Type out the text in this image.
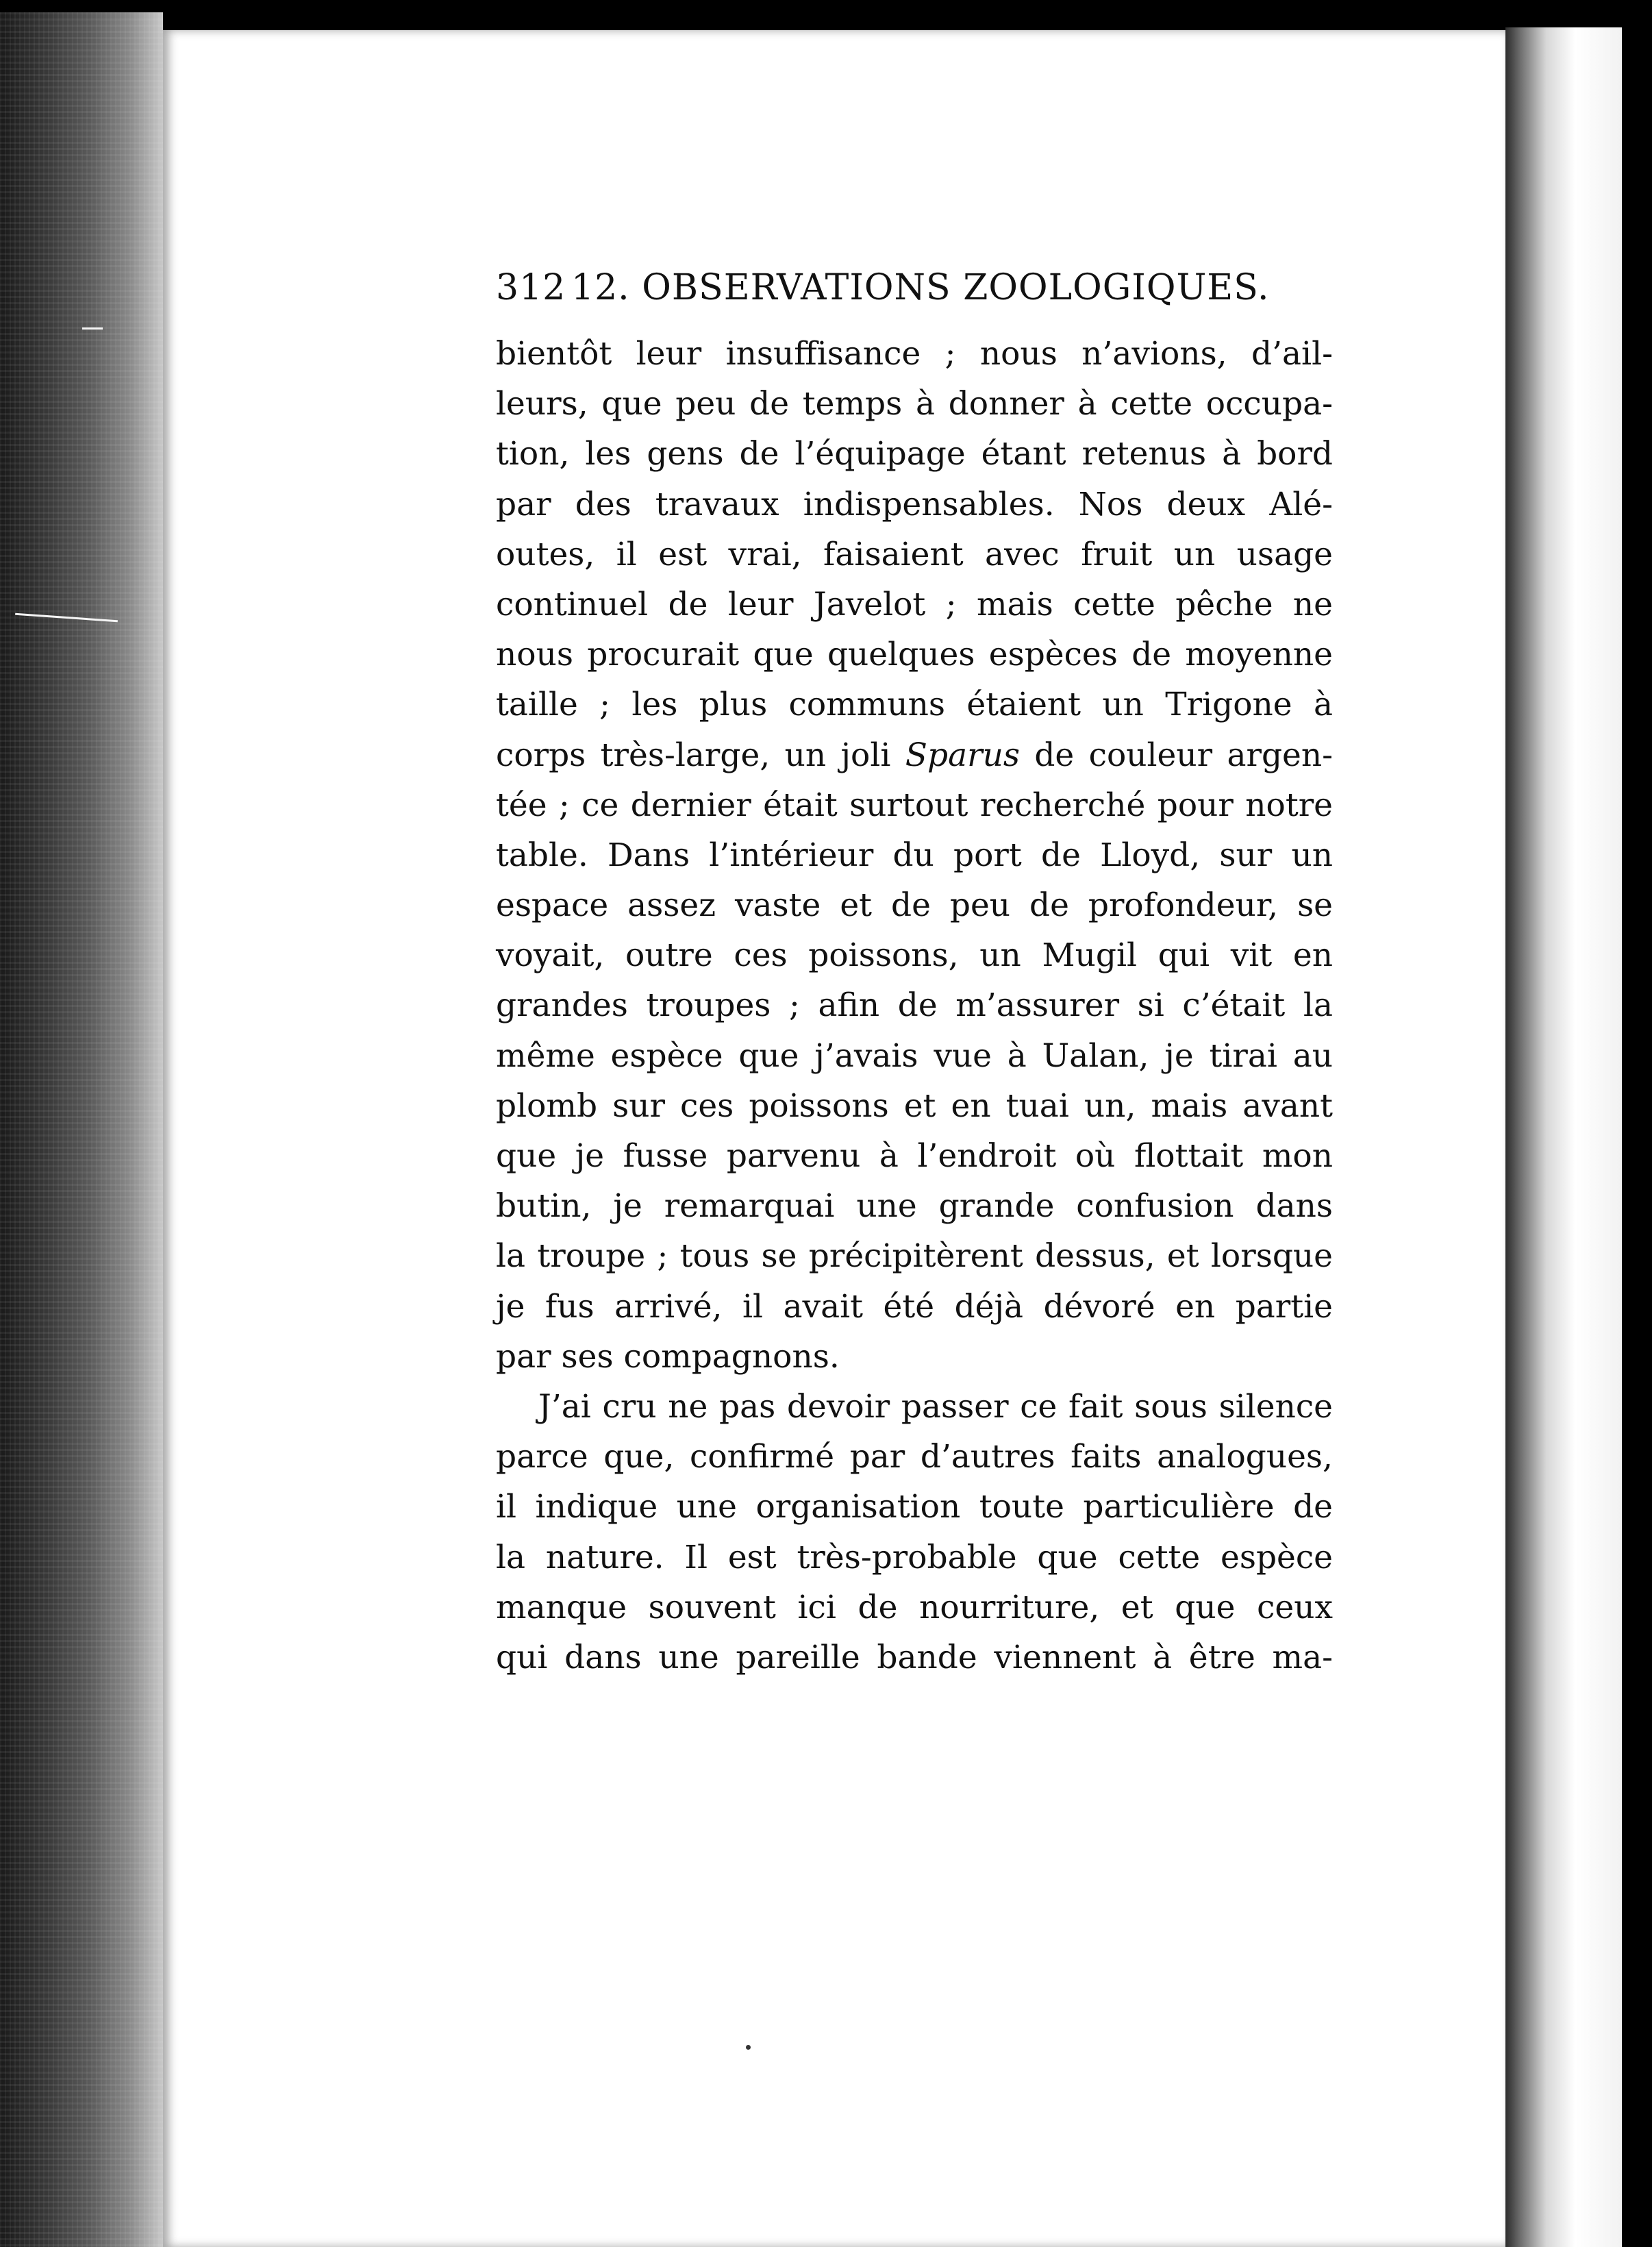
312 12. OBSERVATIONS ZOOLOGIQUES.
bientôt leur insuffisance ; nous n’avions, d’ail-
leurs, que peu de temps à donner à cette occupa-
tion, les gens de l’équipage étant retenus à bord
par des travaux indispensables. Nos deux Alé-
outes, il est vrai, faisaient avec fruit un usage
continuel de leur Javelot ; mais cette pêche ne
nous procurait que quelques espèces de moyenne
taille ; les plus communs étaient un Trigone à
corps très-large, un joli Sparus de couleur argen-
tée ; ce dernier était surtout recherché pour notre
table. Dans l’intérieur du port de Lloyd, sur un
espace assez vaste et de peu de profondeur, se
voyait, outre ces poissons, un Mugil qui vit en
grandes troupes ; afin de m’assurer si c’était la
même espèce que j’avais vue à Ualan, je tirai au
plomb sur ces poissons et en tuai un, mais avant
que je fusse parvenu à l’endroit où flottait mon
butin, je remarquai une grande confusion dans
la troupe ; tous se précipitèrent dessus, et lorsque
je fus arrivé, il avait été déjà dévoré en partie
par ses compagnons.
J’ai cru ne pas devoir passer ce fait sous silence
parce que, confirmé par d’autres faits analogues,
il indique une organisation toute particulière de
la nature. Il est très-probable que cette espèce
manque souvent ici de nourriture, et que ceux
qui dans une pareille bande viennent à être ma-
